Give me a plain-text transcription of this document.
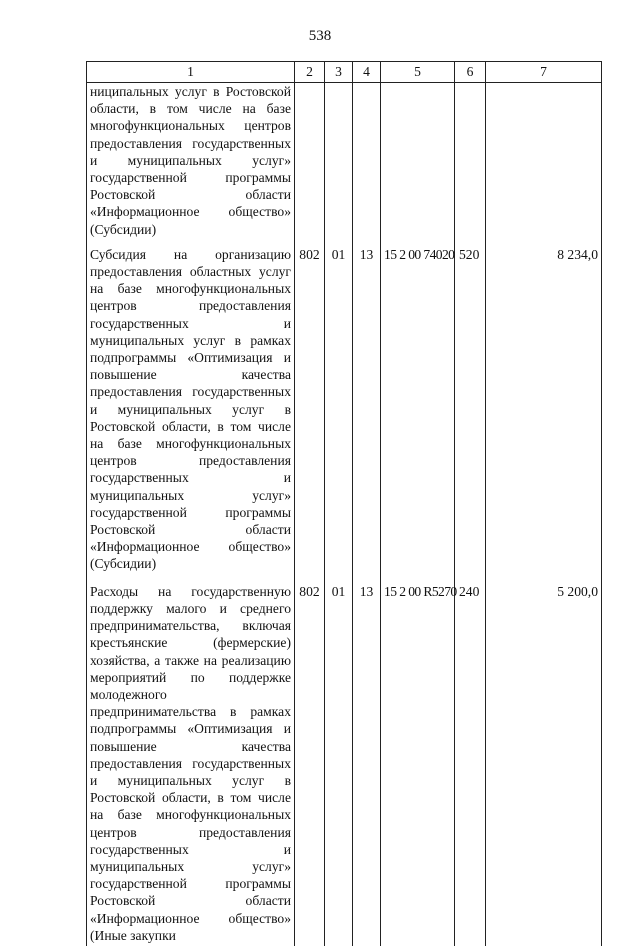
538
1	2	3	4	5	6	7
ниципальных услуг в Ростовской области, в том числе на базе многофункциональных центров предоставления государственных и муниципальных услуг» государственной программы Ростовской области «Информационное общество» (Субсидии)						
Субсидия на организацию предоставления областных услуг на базе многофункциональных центров предоставления государственных и муниципальных услуг в рамках подпрограммы «Оптимизация и повышение качества предоставления государственных и муниципальных услуг в Ростовской области, в том числе на базе многофункциональных центров предоставления государственных и муниципальных услуг» государственной программы Ростовской области «Информационное общество» (Субсидии)	802	01	13	15 2 00 74020	520	8 234,0
Расходы на государственную поддержку малого и среднего предпринимательства, включая крестьянские (фермерские) хозяйства, а также на реализацию мероприятий по поддержке молодежного предпринимательства в рамках подпрограммы «Оптимизация и повышение качества предоставления государственных и муниципальных услуг в Ростовской области, в том числе на базе многофункциональных центров предоставления государственных и муниципальных услуг» государственной программы Ростовской области «Информационное общество» (Иные закупки	802	01	13	15 2 00 R5270	240	5 200,0
